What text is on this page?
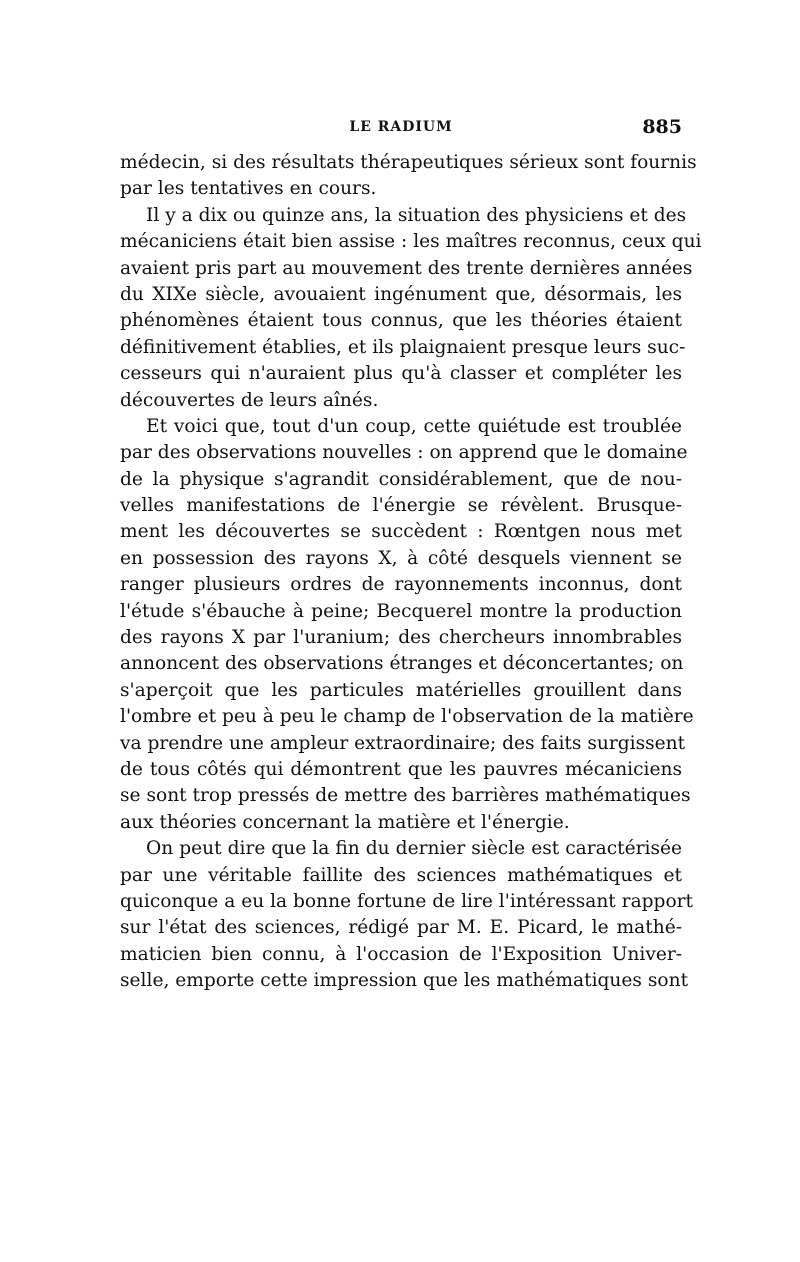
LE RADIUM	885
médecin, si des résultats thérapeutiques sérieux sont fournis
par les tentatives en cours.
Il y a dix ou quinze ans, la situation des physiciens et des
mécaniciens était bien assise : les maîtres reconnus, ceux qui
avaient pris part au mouvement des trente dernières années
du XIXe siècle, avouaient ingénument que, désormais, les
phénomènes étaient tous connus, que les théories étaient
définitivement établies, et ils plaignaient presque leurs suc-
cesseurs qui n'auraient plus qu'à classer et compléter les
découvertes de leurs aînés.
Et voici que, tout d'un coup, cette quiétude est troublée
par des observations nouvelles : on apprend que le domaine
de la physique s'agrandit considérablement, que de nou-
velles manifestations de l'énergie se révèlent. Brusque-
ment les découvertes se succèdent : Rœntgen nous met
en possession des rayons X, à côté desquels viennent se
ranger plusieurs ordres de rayonnements inconnus, dont
l'étude s'ébauche à peine; Becquerel montre la production
des rayons X par l'uranium; des chercheurs innombrables
annoncent des observations étranges et déconcertantes; on
s'aperçoit que les particules matérielles grouillent dans
l'ombre et peu à peu le champ de l'observation de la matière
va prendre une ampleur extraordinaire; des faits surgissent
de tous côtés qui démontrent que les pauvres mécaniciens
se sont trop pressés de mettre des barrières mathématiques
aux théories concernant la matière et l'énergie.
On peut dire que la fin du dernier siècle est caractérisée
par une véritable faillite des sciences mathématiques et
quiconque a eu la bonne fortune de lire l'intéressant rapport
sur l'état des sciences, rédigé par M. E. Picard, le mathé-
maticien bien connu, à l'occasion de l'Exposition Univer-
selle, emporte cette impression que les mathématiques sont
